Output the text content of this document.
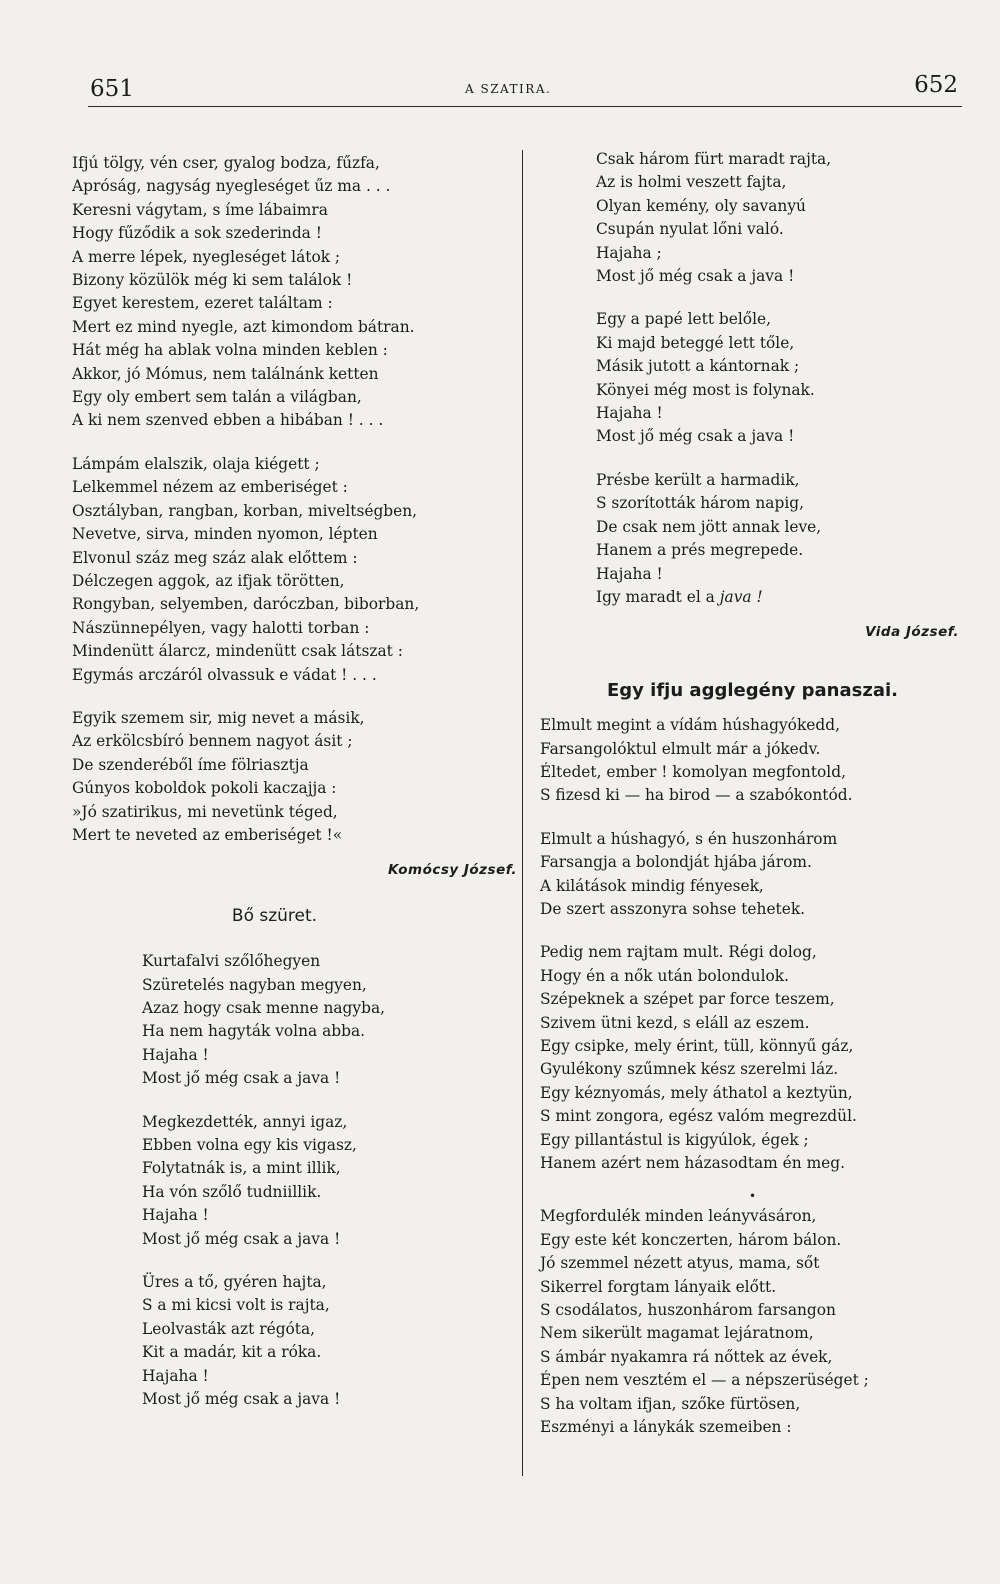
651	A SZATIRA.	652
Ifjú tölgy, vén cser, gyalog bodza, fűzfa,
Apróság, nagyság nyegleséget űz ma . . .
Keresni vágytam, s íme lábaimra
Hogy fűződik a sok szederinda !
A merre lépek, nyegleséget látok ;
Bizony közülök még ki sem találok !
Egyet kerestem, ezeret találtam :
Mert ez mind nyegle, azt kimondom bátran.
Hát még ha ablak volna minden keblen :
Akkor, jó Mómus, nem találnánk ketten
Egy oly embert sem talán a világban,
A ki nem szenved ebben a hibában ! . . .
Lámpám elalszik, olaja kiégett ;
Lelkemmel nézem az emberiséget :
Osztályban, rangban, korban, miveltségben,
Nevetve, sirva, minden nyomon, lépten
Elvonul száz meg száz alak előttem :
Délczegen aggok, az ifjak törötten,
Rongyban, selyemben, daróczban, biborban,
Nászünnepélyen, vagy halotti torban :
Mindenütt álarcz, mindenütt csak látszat :
Egymás arczáról olvassuk e vádat ! . . .
Egyik szemem sir, mig nevet a másik,
Az erkölcsbíró bennem nagyot ásit ;
De szenderéből íme fölriasztja
Gúnyos koboldok pokoli kaczajja :
»Jó szatirikus, mi nevetünk téged,
Mert te neveted az emberiséget !«
Komócsy József.
Bő szüret.
Kurtafalvi szőlőhegyen
Szüretelés nagyban megyen,
Azaz hogy csak menne nagyba,
Ha nem hagyták volna abba.
Hajaha !
Most jő még csak a java !
Megkezdették, annyi igaz,
Ebben volna egy kis vigasz,
Folytatnák is, a mint illik,
Ha vón szőlő tudniillik.
Hajaha !
Most jő még csak a java !
Üres a tő, gyéren hajta,
S a mi kicsi volt is rajta,
Leolvasták azt régóta,
Kit a madár, kit a róka.
Hajaha !
Most jő még csak a java !
Csak három fürt maradt rajta,
Az is holmi veszett fajta,
Olyan kemény, oly savanyú
Csupán nyulat lőni való.
Hajaha ;
Most jő még csak a java !
Egy a papé lett belőle,
Ki majd beteggé lett tőle,
Másik jutott a kántornak ;
Könyei még most is folynak.
Hajaha !
Most jő még csak a java !
Présbe került a harmadik,
S szorították három napig,
De csak nem jött annak leve,
Hanem a prés megrepede.
Hajaha !
Igy maradt el a java !
Vida József.
Egy ifju agglegény panaszai.
Elmult megint a vídám húshagyókedd,
Farsangolóktul elmult már a jókedv.
Éltedet, ember ! komolyan megfontold,
S fizesd ki — ha birod — a szabókontód.
Elmult a húshagyó, s én huszonhárom
Farsangja a bolondját hjába járom.
A kilátások mindig fényesek,
De szert asszonyra sohse tehetek.
Pedig nem rajtam mult. Régi dolog,
Hogy én a nők után bolondulok.
Szépeknek a szépet par force teszem,
Szivem ütni kezd, s eláll az eszem.
Egy csipke, mely érint, tüll, könnyű gáz,
Gyulékony szűmnek kész szerelmi láz.
Egy kéznyomás, mely áthatol a keztyün,
S mint zongora, egész valóm megrezdül.
Egy pillantástul is kigyúlok, égek ;
Hanem azért nem házasodtam én meg.
•
Megfordulék minden leányvásáron,
Egy este két konczerten, három bálon.
Jó szemmel nézett atyus, mama, sőt
Sikerrel forgtam lányaik előtt.
S csodálatos, huszonhárom farsangon
Nem sikerült magamat lejáratnom,
S ámbár nyakamra rá nőttek az évek,
Épen nem vesztém el — a népszerüséget ;
S ha voltam ifjan, szőke fürtösen,
Eszményi a lánykák szemeiben :
